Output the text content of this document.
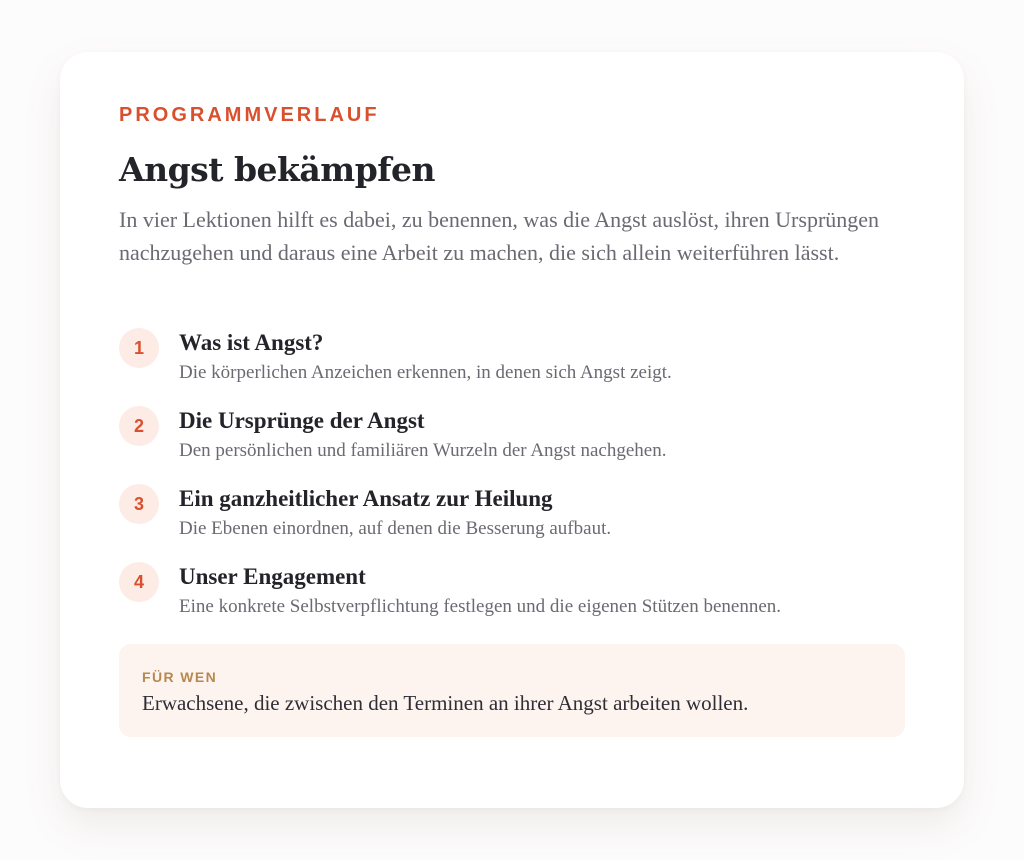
PROGRAMMVERLAUF
Angst bekämpfen

In vier Lektionen hilft es dabei, zu benennen, was die Angst auslöst, ihren Ursprüngen nachzugehen und daraus eine Arbeit zu machen, die sich allein weiterführen lässt.

1	Was ist Angst?
Die körperlichen Anzeichen erkennen, in denen sich Angst zeigt.
2	Die Ursprünge der Angst
Den persönlichen und familiären Wurzeln der Angst nachgehen.
3	Ein ganzheitlicher Ansatz zur Heilung
Die Ebenen einordnen, auf denen die Besserung aufbaut.
4	Unser Engagement
Eine konkrete Selbstverpflichtung festlegen und die eigenen Stützen benennen.
FÜR WEN
Erwachsene, die zwischen den Terminen an ihrer Angst arbeiten wollen.
